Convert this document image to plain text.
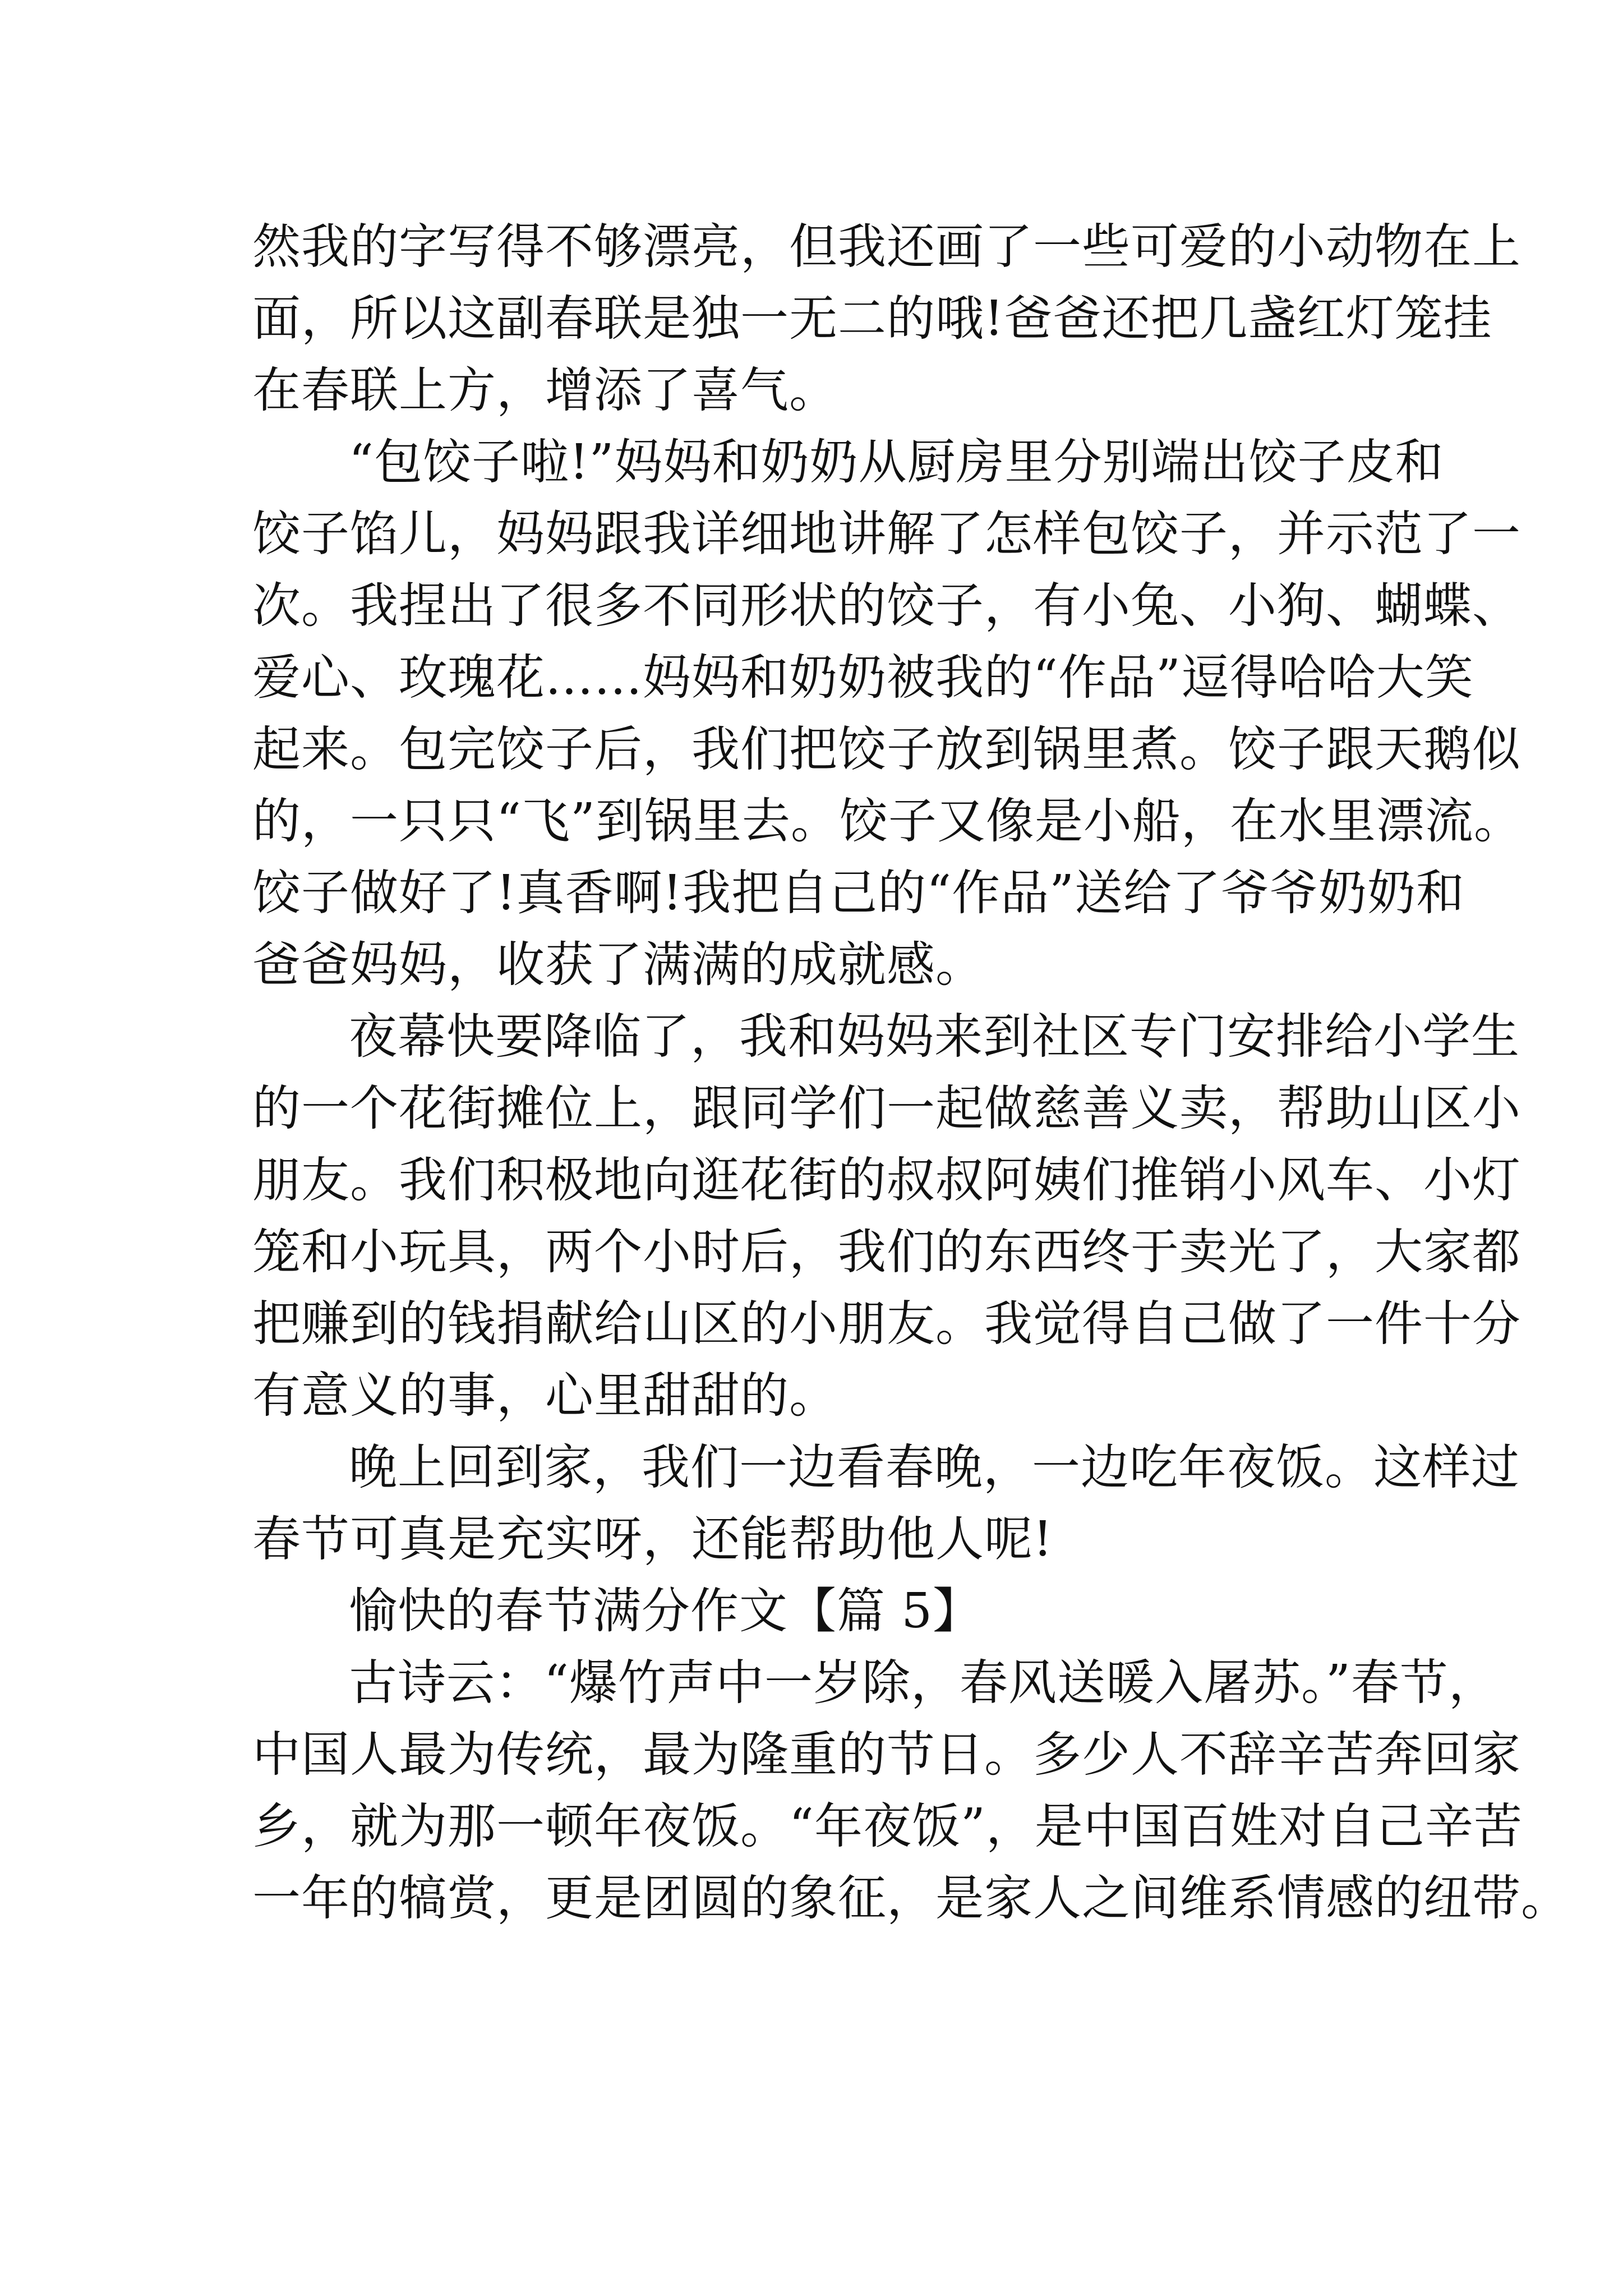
然我的字写得不够漂亮，但我还画了一些可爱的小动物在上
面，所以这副春联是独一无二的哦!爸爸还把几盏红灯笼挂
在春联上方，增添了喜气。
“包饺子啦!”妈妈和奶奶从厨房里分别端出饺子皮和
饺子馅儿，妈妈跟我详细地讲解了怎样包饺子，并示范了一
次。我捏出了很多不同形状的饺子，有小兔、小狗、蝴蝶、
爱心、玫瑰花……妈妈和奶奶被我的“作品”逗得哈哈大笑
起来。包完饺子后，我们把饺子放到锅里煮。饺子跟天鹅似
的，一只只“飞”到锅里去。饺子又像是小船，在水里漂流。
饺子做好了!真香啊!我把自己的“作品”送给了爷爷奶奶和
爸爸妈妈，收获了满满的成就感。
夜幕快要降临了，我和妈妈来到社区专门安排给小学生
的一个花街摊位上，跟同学们一起做慈善义卖，帮助山区小
朋友。我们积极地向逛花街的叔叔阿姨们推销小风车、小灯
笼和小玩具，两个小时后，我们的东西终于卖光了，大家都
把赚到的钱捐献给山区的小朋友。我觉得自己做了一件十分
有意义的事，心里甜甜的。
晚上回到家，我们一边看春晚，一边吃年夜饭。这样过
春节可真是充实呀，还能帮助他人呢!
愉快的春节满分作文【篇 5】
古诗云：“爆竹声中一岁除，春风送暖入屠苏。”春节，
中国人最为传统，最为隆重的节日。多少人不辞辛苦奔回家
乡，就为那一顿年夜饭。“年夜饭”，是中国百姓对自己辛苦
一年的犒赏，更是团圆的象征，是家人之间维系情感的纽带。
